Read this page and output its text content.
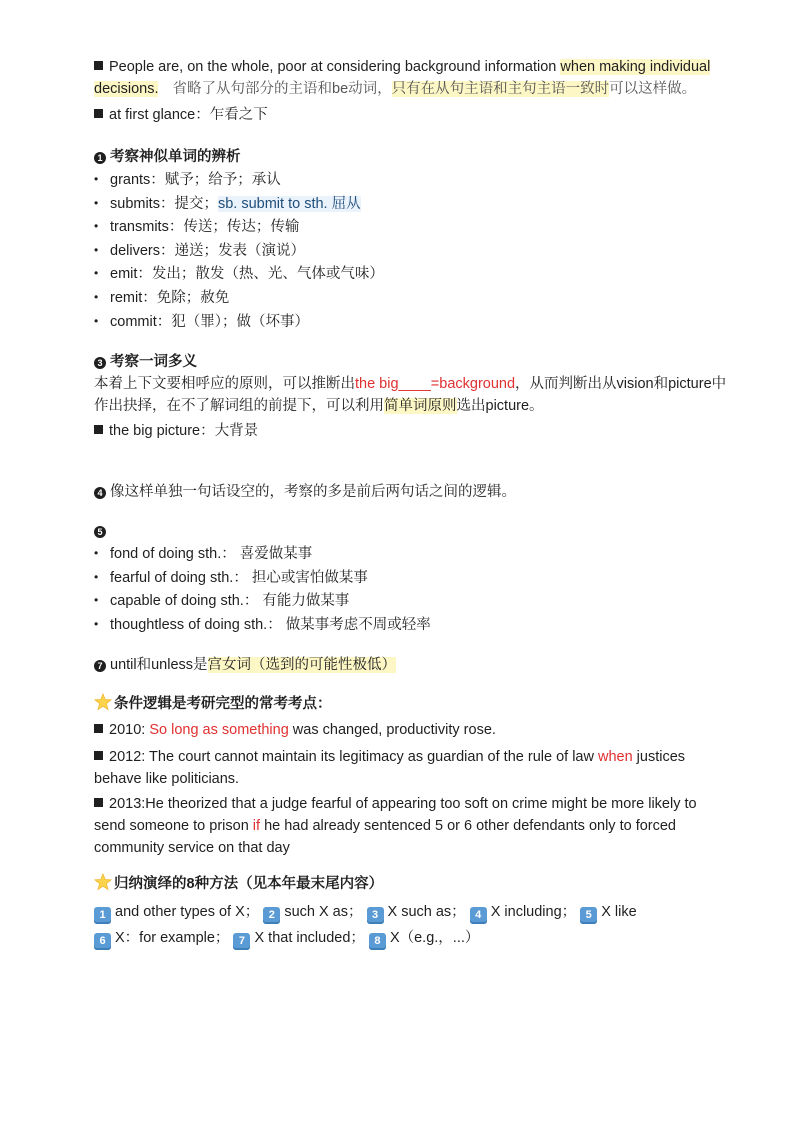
People are, on the whole, poor at considering background information when making individual
decisions. 省略了从句部分的主语和be动词，只有在从句主语和主句主语一致时可以这样做。
at first glance：乍看之下
1 考察神似单词的辨析
• grants：赋予；给予；承认
• submits：提交；sb. submit to sth. 屈从
• transmits：传送；传达；传输
• delivers：递送；发表（演说）
• emit：发出；散发（热、光、气体或气味）
• remit：免除；赦免
• commit：犯（罪）；做（坏事）
3 考察一词多义
本着上下文要相呼应的原则，可以推断出the big____=background，从而判断出从vision和picture中
作出抉择，在不了解词组的前提下，可以利用简单词原则选出picture。
the big picture：大背景
4 像这样单独一句话设空的，考察的多是前后两句话之间的逻辑。
5
• fond of doing sth.： 喜爱做某事
• fearful of doing sth.： 担心或害怕做某事
• capable of doing sth.： 有能力做某事
• thoughtless of doing sth.： 做某事考虑不周或轻率
7 until和unless是宫女词（选到的可能性极低）
条件逻辑是考研完型的常考考点：
2010: So long as something was changed, productivity rose.
2012: The court cannot maintain its legitimacy as guardian of the rule of law when justices
behave like politicians.
2013:He theorized that a judge fearful of appearing too soft on crime might be more likely to
send someone to prison if he had already sentenced 5 or 6 other defendants only to forced
community service on that day
归纳演绎的8种方法（见本年最末尾内容）
1 and other types of X； 2 such X as； 3 X such as； 4 X including； 5 X like
6 X：for example； 7 X that included； 8 X（e.g.，...）
